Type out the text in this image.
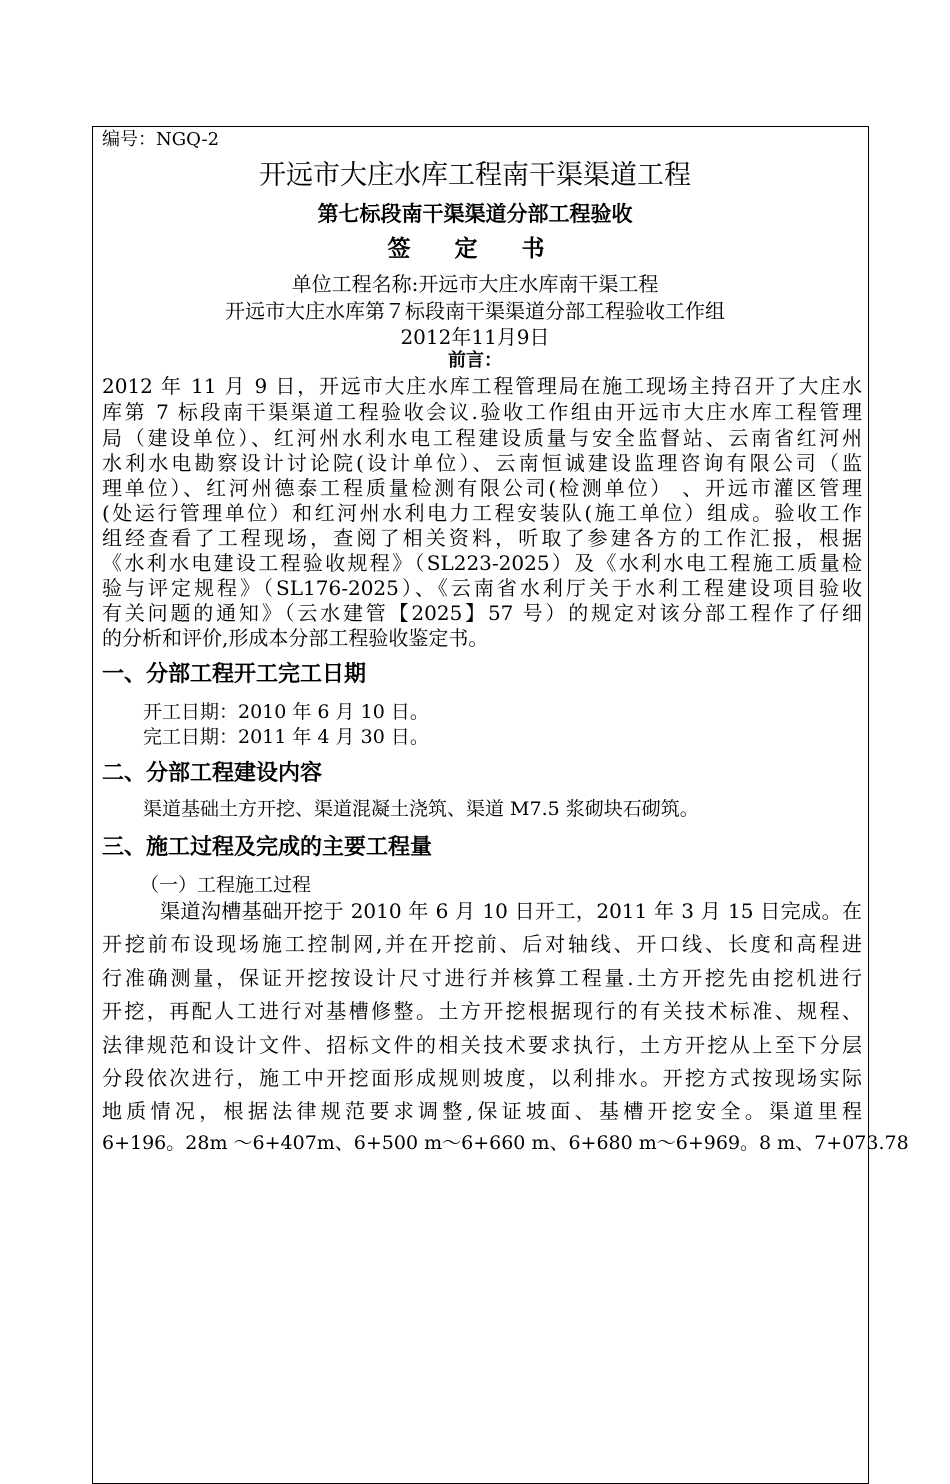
编号：NGQ-2
开远市大庄水库工程南干渠渠道工程
第七标段南干渠渠道分部工程验收
签 定 书
单位工程名称:开远市大庄水库南干渠工程
开远市大庄水库第７标段南干渠渠道分部工程验收工作组
2012年11月9日
前言：
2012 年 11 月 9 日，开远市大庄水库工程管理局在施工现场主持召开了大庄水
库第 7 标段南干渠渠道工程验收会议.验收工作组由开远市大庄水库工程管理
局（建设单位）、红河州水利水电工程建设质量与安全监督站、云南省红河州
水利水电勘察设计讨论院(设计单位）、云南恒诚建设监理咨询有限公司（监
理单位）、红河州德泰工程质量检测有限公司(检测单位） 、开远市灌区管理
(处运行管理单位）和红河州水利电力工程安装队(施工单位）组成。验收工作
组经查看了工程现场，查阅了相关资料，听取了参建各方的工作汇报，根据
《水利水电建设工程验收规程》（SL223-2025）及《水利水电工程施工质量检
验与评定规程》（SL176-2025）、《云南省水利厅关于水利工程建设项目验收
有关问题的通知》（云水建管【2025】57 号）的规定对该分部工程作了仔细
的分析和评价,形成本分部工程验收鉴定书。
一、分部工程开工完工日期
开工日期：2010 年 6 月 10 日。
完工日期：2011 年 4 月 30 日。
二、分部工程建设内容
渠道基础土方开挖、渠道混凝土浇筑、渠道 M7.5 浆砌块石砌筑。
三、施工过程及完成的主要工程量
（一）工程施工过程
渠道沟槽基础开挖于 2010 年 6 月 10 日开工，2011 年 3 月 15 日完成。在
开挖前布设现场施工控制网,并在开挖前、后对轴线、开口线、长度和高程进
行准确测量，保证开挖按设计尺寸进行并核算工程量.土方开挖先由挖机进行
开挖，再配人工进行对基槽修整。土方开挖根据现行的有关技术标准、规程、
法律规范和设计文件、招标文件的相关技术要求执行，土方开挖从上至下分层
分段依次进行，施工中开挖面形成规则坡度，以利排水。开挖方式按现场实际
地质情况，根据法律规范要求调整,保证坡面、基槽开挖安全。渠道里程
6+196。28m ～6+407m、6+500 m～6+660 m、6+680 m～6+969。8 m、7+073.78
